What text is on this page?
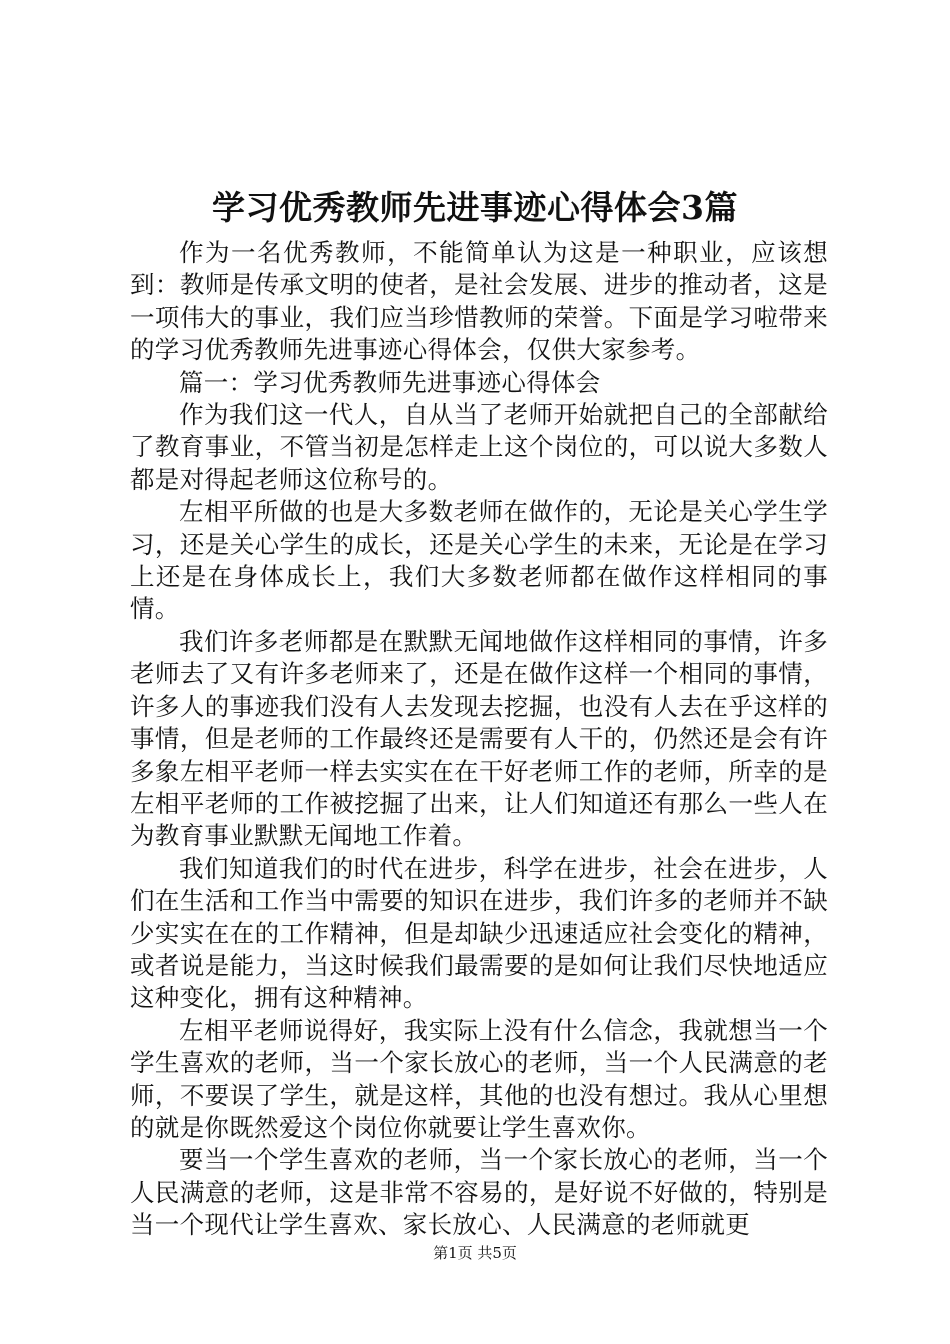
学习优秀教师先进事迹心得体会3篇

作为一名优秀教师，不能简单认为这是一种职业，应该想到：教师是传承文明的使者，是社会发展、进步的推动者，这是一项伟大的事业，我们应当珍惜教师的荣誉。下面是学习啦带来的学习优秀教师先进事迹心得体会，仅供大家参考。

篇一：学习优秀教师先进事迹心得体会

作为我们这一代人，自从当了老师开始就把自己的全部献给了教育事业，不管当初是怎样走上这个岗位的，可以说大多数人都是对得起老师这位称号的。

左相平所做的也是大多数老师在做作的，无论是关心学生学习，还是关心学生的成长，还是关心学生的未来，无论是在学习上还是在身体成长上，我们大多数老师都在做作这样相同的事情。

我们许多老师都是在默默无闻地做作这样相同的事情，许多老师去了又有许多老师来了，还是在做作这样一个相同的事情，许多人的事迹我们没有人去发现去挖掘，也没有人去在乎这样的事情，但是老师的工作最终还是需要有人干的，仍然还是会有许多象左相平老师一样去实实在在干好老师工作的老师，所幸的是左相平老师的工作被挖掘了出来，让人们知道还有那么一些人在为教育事业默默无闻地工作着。

我们知道我们的时代在进步，科学在进步，社会在进步，人们在生活和工作当中需要的知识在进步，我们许多的老师并不缺少实实在在的工作精神，但是却缺少迅速适应社会变化的精神，或者说是能力，当这时候我们最需要的是如何让我们尽快地适应这种变化，拥有这种精神。

左相平老师说得好，我实际上没有什么信念，我就想当一个学生喜欢的老师，当一个家长放心的老师，当一个人民满意的老师，不要误了学生，就是这样，其他的也没有想过。我从心里想的就是你既然爱这个岗位你就要让学生喜欢你。

要当一个学生喜欢的老师，当一个家长放心的老师，当一个人民满意的老师，这是非常不容易的，是好说不好做的，特别是当一个现代让学生喜欢、家长放心、人民满意的老师就更

第1页 共5页
